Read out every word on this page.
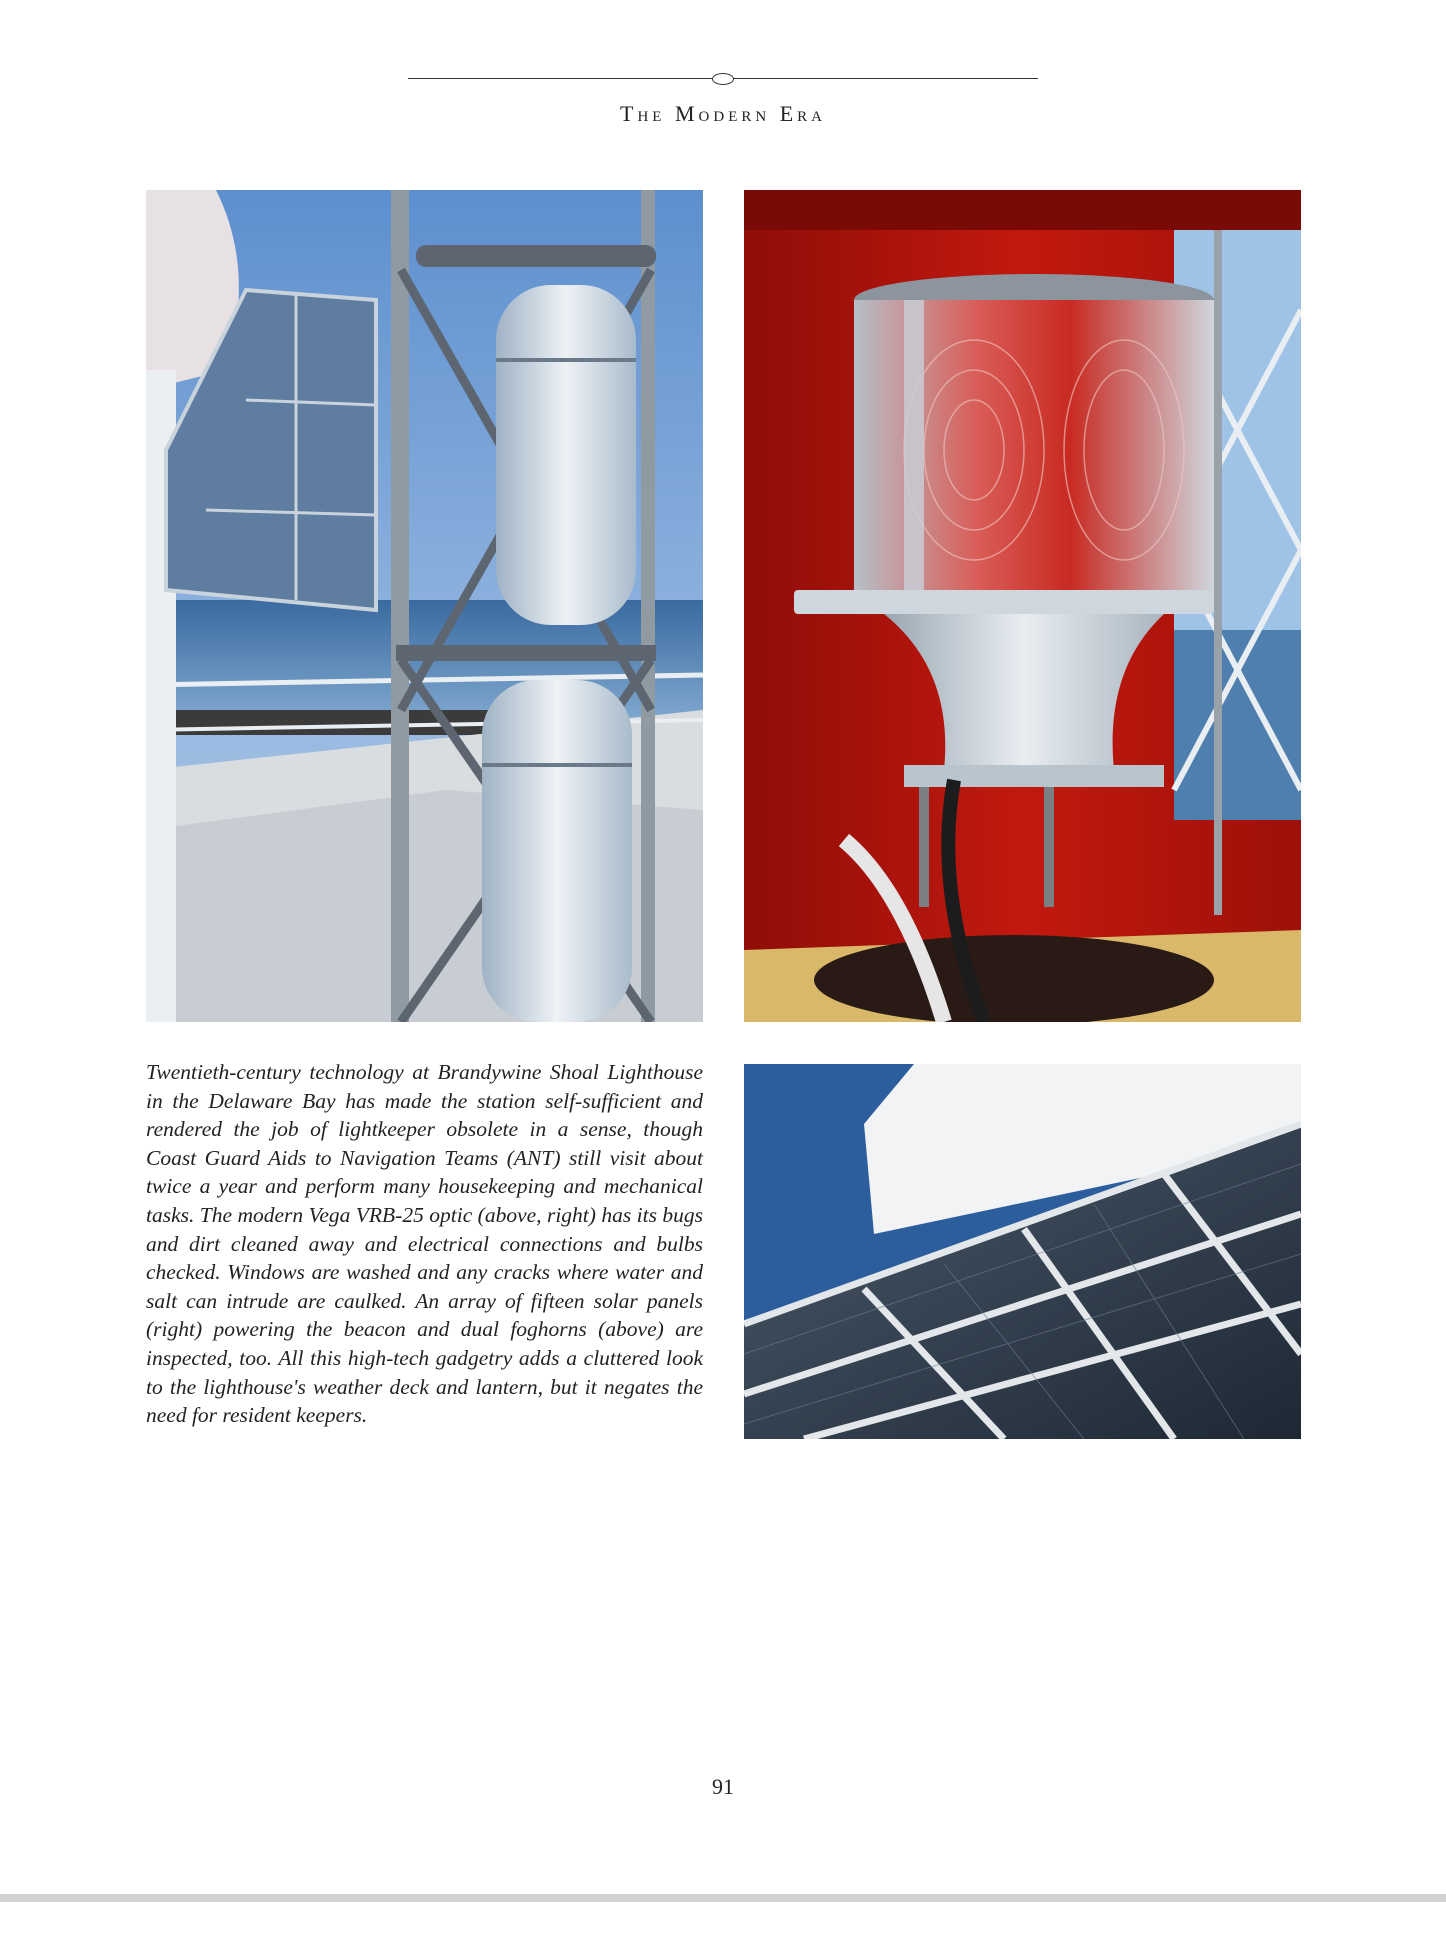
The Modern Era

Twentieth-century technology at Brandywine Shoal Lighthouse in the Delaware Bay has made the station self-sufficient and rendered the job of lightkeeper obsolete in a sense, though Coast Guard Aids to Navigation Teams (ANT) still visit about twice a year and perform many housekeeping and mechanical tasks. The modern Vega VRB-25 optic (above, right) has its bugs and dirt cleaned away and electrical connections and bulbs checked. Windows are washed and any cracks where water and salt can intrude are caulked. An array of fifteen solar panels (right) powering the beacon and dual foghorns (above) are inspected, too. All this high-tech gadgetry adds a cluttered look to the lighthouse's weather deck and lantern, but it negates the need for resident keepers.

91
